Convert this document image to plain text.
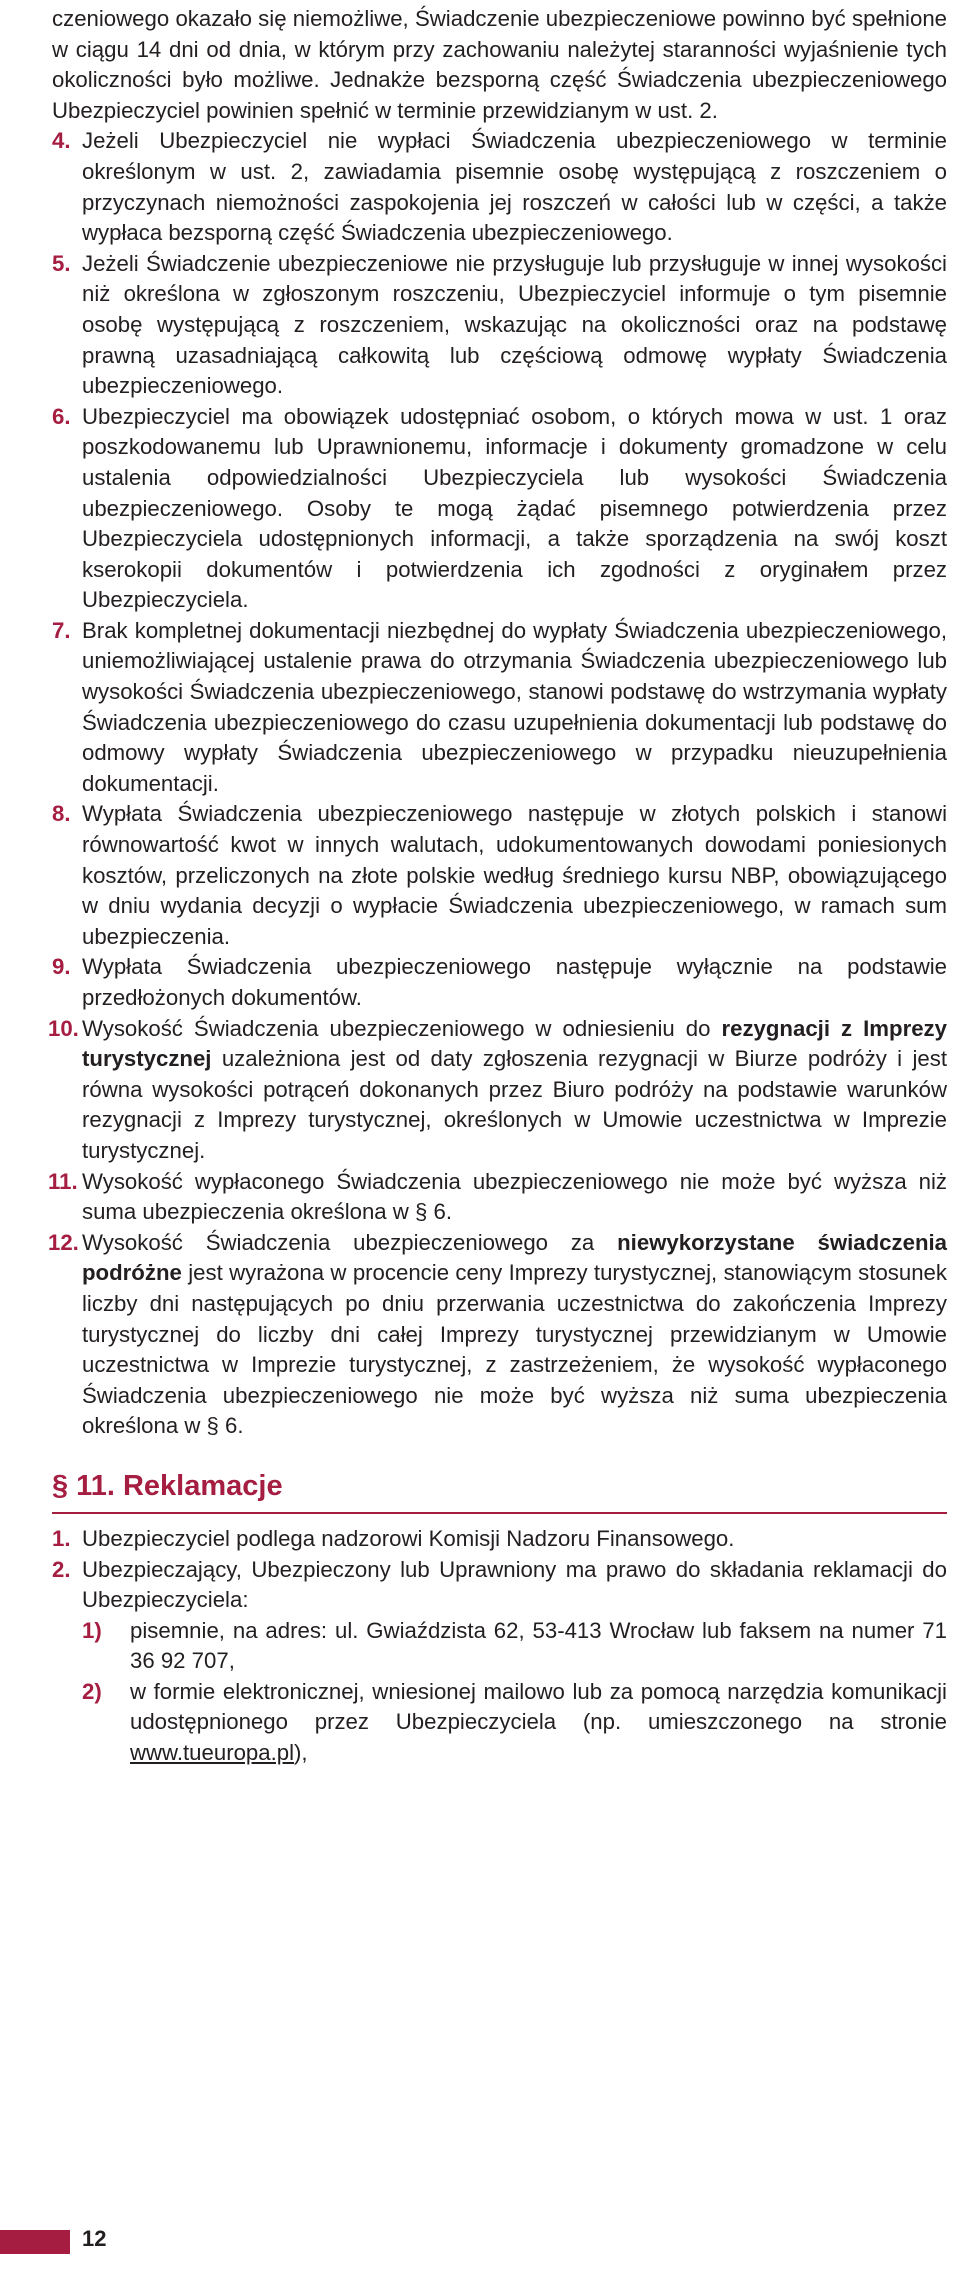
czeniowego okazało się niemożliwe, Świadczenie ubezpieczeniowe powinno być spełnione w ciągu 14 dni od dnia, w którym przy zachowaniu należytej staranności wyjaśnienie tych okoliczności było możliwe. Jednakże bezsporną część Świadczenia ubezpieczeniowego Ubezpieczyciel powinien spełnić w terminie przewidzianym w ust. 2.

4. Jeżeli Ubezpieczyciel nie wypłaci Świadczenia ubezpieczeniowego w terminie określonym w ust. 2, zawiadamia pisemnie osobę występującą z roszczeniem o przyczynach niemożności zaspokojenia jej roszczeń w całości lub w części, a także wypłaca bezsporną część Świadczenia ubezpieczeniowego.
5. Jeżeli Świadczenie ubezpieczeniowe nie przysługuje lub przysługuje w innej wysokości niż określona w zgłoszonym roszczeniu, Ubezpieczyciel informuje o tym pisemnie osobę występującą z roszczeniem, wskazując na okoliczności oraz na podstawę prawną uzasadniającą całkowitą lub częściową odmowę wypłaty Świadczenia ubezpieczeniowego.
6. Ubezpieczyciel ma obowiązek udostępniać osobom, o których mowa w ust. 1 oraz poszkodowanemu lub Uprawnionemu, informacje i dokumenty gromadzone w celu ustalenia odpowiedzialności Ubezpieczyciela lub wysokości Świadczenia ubezpieczeniowego. Osoby te mogą żądać pisemnego potwierdzenia przez Ubezpieczyciela udostępnionych informacji, a także sporządzenia na swój koszt kserokopii dokumentów i potwierdzenia ich zgodności z oryginałem przez Ubezpieczyciela.
7. Brak kompletnej dokumentacji niezbędnej do wypłaty Świadczenia ubezpieczeniowego, uniemożliwiającej ustalenie prawa do otrzymania Świadczenia ubezpieczeniowego lub wysokości Świadczenia ubezpieczeniowego, stanowi podstawę do wstrzymania wypłaty Świadczenia ubezpieczeniowego do czasu uzupełnienia dokumentacji lub podstawę do odmowy wypłaty Świadczenia ubezpieczeniowego w przypadku nieuzupełnienia dokumentacji.
8. Wypłata Świadczenia ubezpieczeniowego następuje w złotych polskich i stanowi równowartość kwot w innych walutach, udokumentowanych dowodami poniesionych kosztów, przeliczonych na złote polskie według średniego kursu NBP, obowiązującego w dniu wydania decyzji o wypłacie Świadczenia ubezpieczeniowego, w ramach sum ubezpieczenia.
9. Wypłata Świadczenia ubezpieczeniowego następuje wyłącznie na podstawie przedłożonych dokumentów.
10. Wysokość Świadczenia ubezpieczeniowego w odniesieniu do rezygnacji z Imprezy turystycznej uzależniona jest od daty zgłoszenia rezygnacji w Biurze podróży i jest równa wysokości potrąceń dokonanych przez Biuro podróży na podstawie warunków rezygnacji z Imprezy turystycznej, określonych w Umowie uczestnictwa w Imprezie turystycznej.
11. Wysokość wypłaconego Świadczenia ubezpieczeniowego nie może być wyższa niż suma ubezpieczenia określona w § 6.
12. Wysokość Świadczenia ubezpieczeniowego za niewykorzystane świadczenia podróżne jest wyrażona w procencie ceny Imprezy turystycznej, stanowiącym stosunek liczby dni następujących po dniu przerwania uczestnictwa do zakończenia Imprezy turystycznej do liczby dni całej Imprezy turystycznej przewidzianym w Umowie uczestnictwa w Imprezie turystycznej, z zastrzeżeniem, że wysokość wypłaconego Świadczenia ubezpieczeniowego nie może być wyższa niż suma ubezpieczenia określona w § 6.
§ 11. Reklamacje
1. Ubezpieczyciel podlega nadzorowi Komisji Nadzoru Finansowego.
2. Ubezpieczający, Ubezpieczony lub Uprawniony ma prawo do składania reklamacji do Ubezpieczyciela:
1)	pisemnie, na adres: ul. Gwiaździsta 62, 53-413 Wrocław lub faksem na numer 71 36 92 707,
2)	w formie elektronicznej, wniesionej mailowo lub za pomocą narzędzia komunikacji udostępnionego przez Ubezpieczyciela (np. umieszczonego na stronie www.tueuropa.pl),
12
